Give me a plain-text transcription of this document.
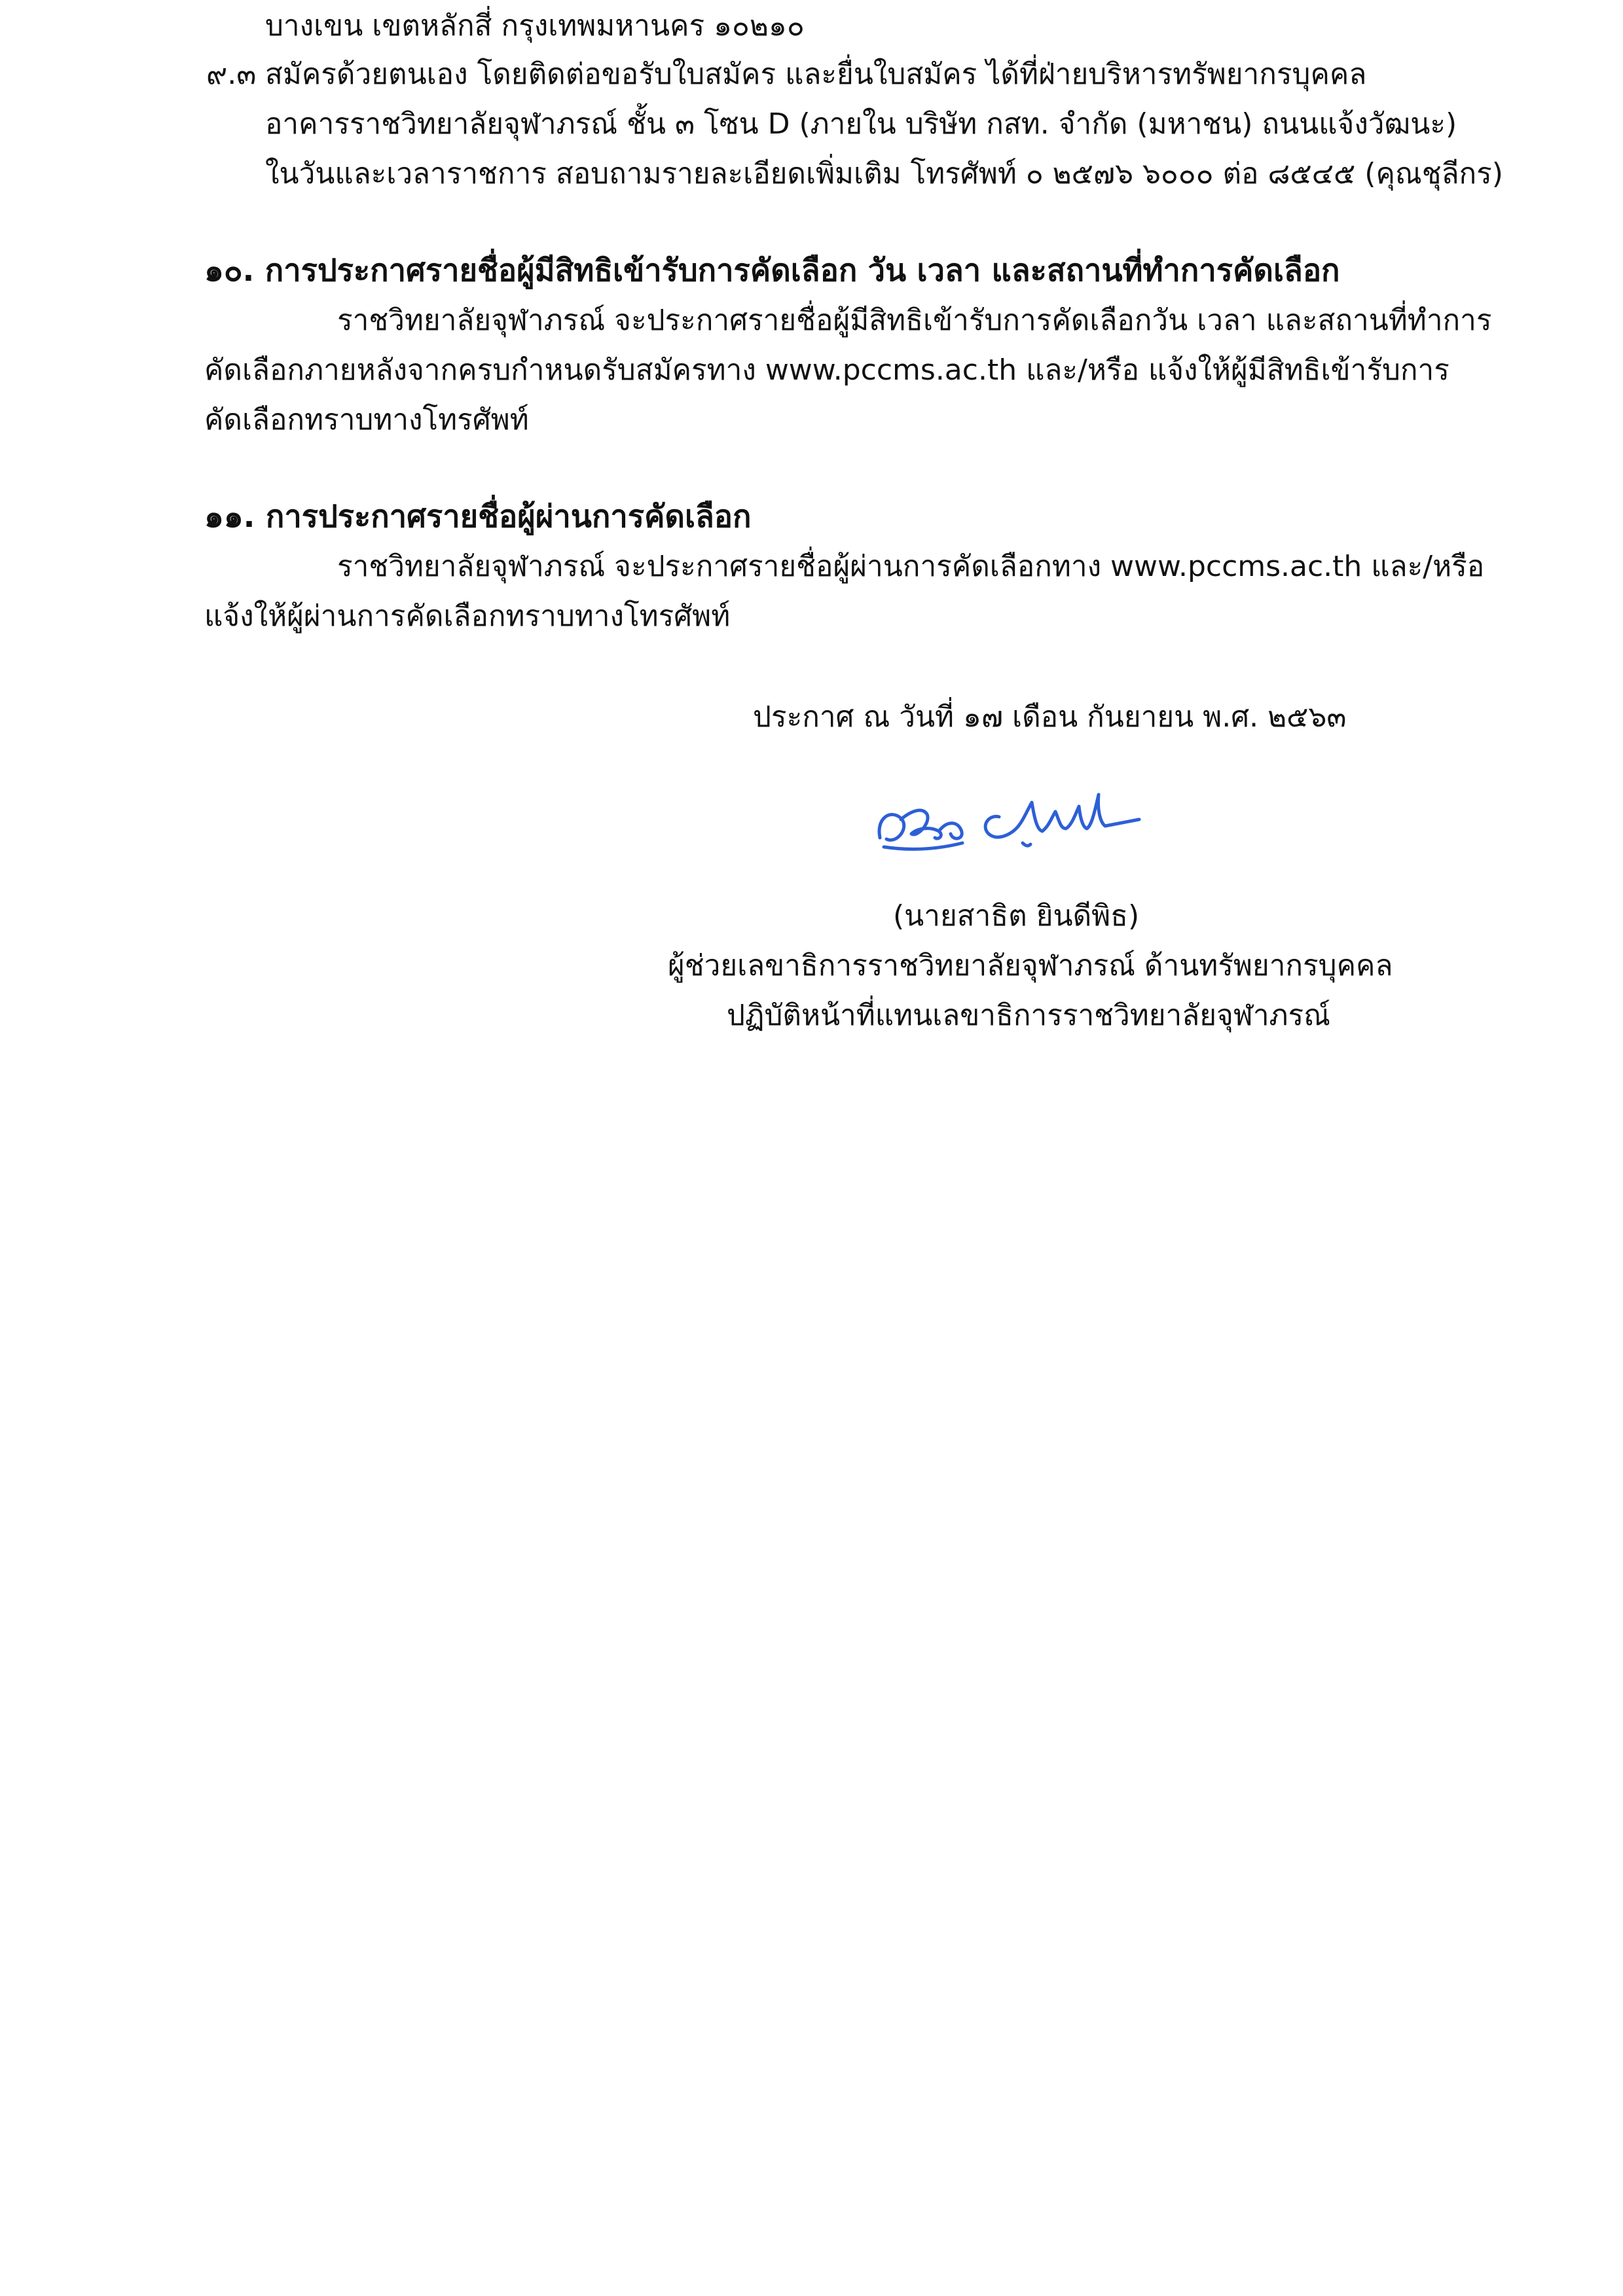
บางเขน เขตหลักสี่ กรุงเทพมหานคร ๑๐๒๑๐
๙.๓ สมัครด้วยตนเอง โดยติดต่อขอรับใบสมัคร และยื่นใบสมัคร ได้ที่ฝ่ายบริหารทรัพยากรบุคคล
อาคารราชวิทยาลัยจุฬาภรณ์ ชั้น ๓ โซน D (ภายใน บริษัท กสท. จำกัด (มหาชน) ถนนแจ้งวัฒนะ)
ในวันและเวลาราชการ สอบถามรายละเอียดเพิ่มเติม โทรศัพท์ ๐ ๒๕๗๖ ๖๐๐๐ ต่อ ๘๕๔๕ (คุณชุลีกร)
๑๐. การประกาศรายชื่อผู้มีสิทธิเข้ารับการคัดเลือก วัน เวลา และสถานที่ทำการคัดเลือก
ราชวิทยาลัยจุฬาภรณ์ จะประกาศรายชื่อผู้มีสิทธิเข้ารับการคัดเลือกวัน เวลา และสถานที่ทำการ
คัดเลือกภายหลังจากครบกำหนดรับสมัครทาง www.pccms.ac.th และ/หรือ แจ้งให้ผู้มีสิทธิเข้ารับการ
คัดเลือกทราบทางโทรศัพท์
๑๑. การประกาศรายชื่อผู้ผ่านการคัดเลือก
ราชวิทยาลัยจุฬาภรณ์ จะประกาศรายชื่อผู้ผ่านการคัดเลือกทาง www.pccms.ac.th และ/หรือ
แจ้งให้ผู้ผ่านการคัดเลือกทราบทางโทรศัพท์
ประกาศ ณ วันที่ ๑๗ เดือน กันยายน พ.ศ. ๒๕๖๓
(นายสาธิต ยินดีพิธ)
ผู้ช่วยเลขาธิการราชวิทยาลัยจุฬาภรณ์ ด้านทรัพยากรบุคคล
ปฏิบัติหน้าที่แทนเลขาธิการราชวิทยาลัยจุฬาภรณ์
